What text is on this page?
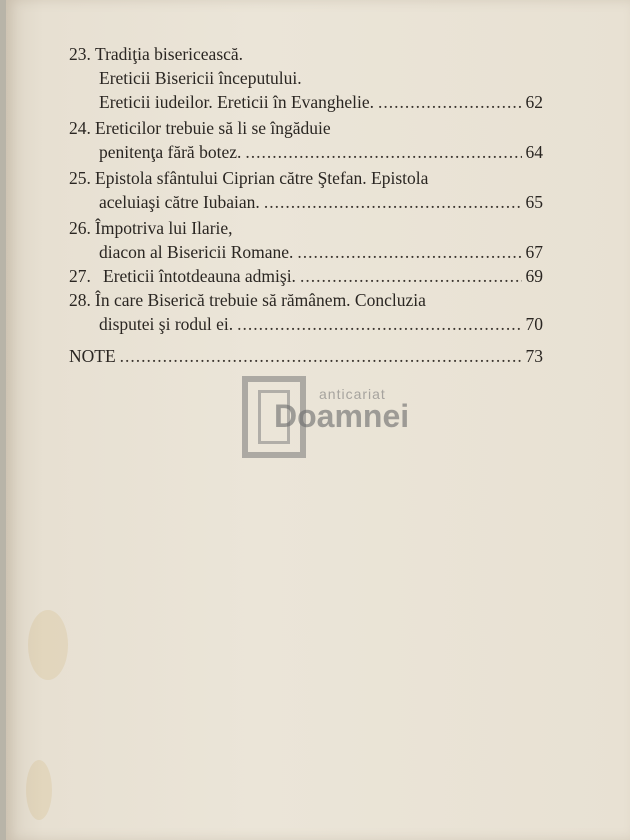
23. Tradiţia bisericească.
Ereticii Bisericii începutului.
Ereticii iudeilor. Ereticii în Evanghelie. .....	62
24. Ereticilor trebuie să li se îngăduie
penitenţa fără botez. .....	64
25. Epistola sfântului Ciprian către Ştefan. Epistola
aceluiaşi către Iubaian. .....	65
26. Împotriva lui Ilarie,
diacon al Bisericii Romane. .....	67
27. Ereticii întotdeauna admişi. .....	69
28. În care Biserică trebuie să rămânem. Concluzia
disputei şi rodul ei. .....	70
NOTE .....	73
anticariat
Doamnei
